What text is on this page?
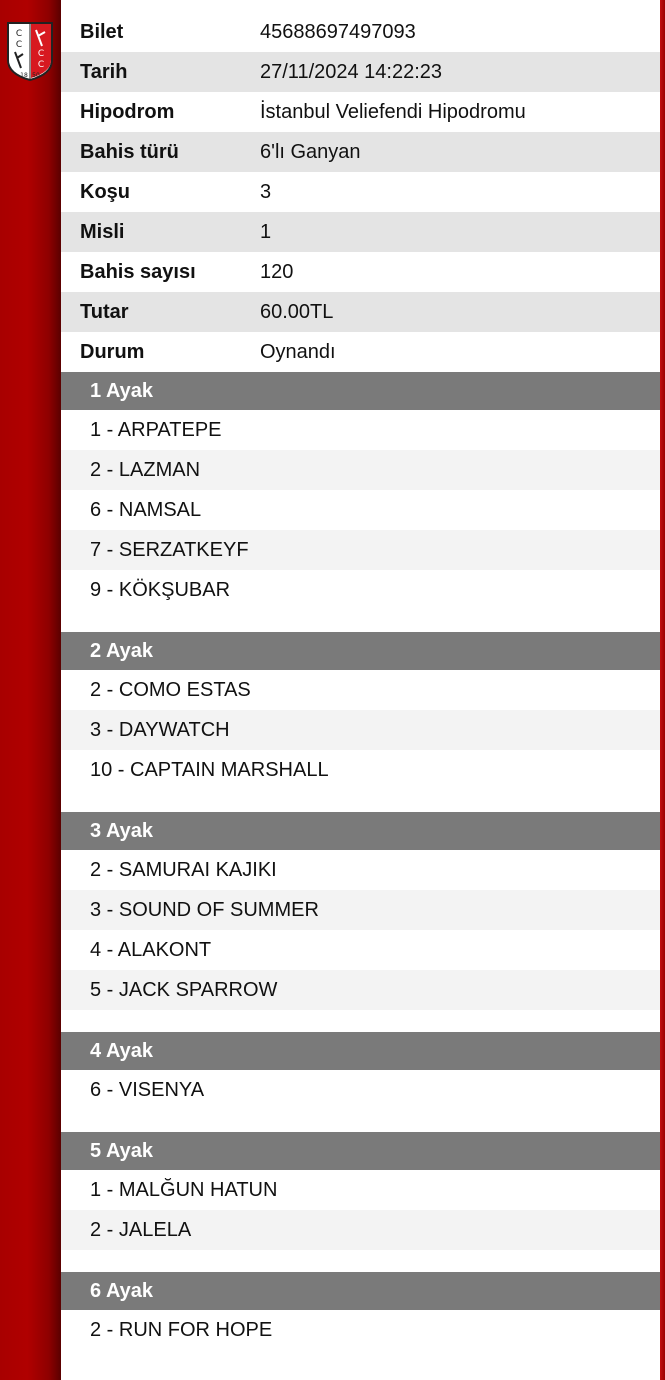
C
C
C
C
18 50
Bilet	45688697497093
Tarih	27/11/2024 14:22:23
Hipodrom	İstanbul Veliefendi Hipodromu
Bahis türü	6'lı Ganyan
Koşu	3
Misli	1
Bahis sayısı	120
Tutar	60.00TL
Durum	Oynandı
1 Ayak
1 - ARPATEPE
2 - LAZMAN
6 - NAMSAL
7 - SERZATKEYF
9 - KÖKŞUBAR
2 Ayak
2 - COMO ESTAS
3 - DAYWATCH
10 - CAPTAIN MARSHALL
3 Ayak
2 - SAMURAI KAJIKI
3 - SOUND OF SUMMER
4 - ALAKONT
5 - JACK SPARROW
4 Ayak
6 - VISENYA
5 Ayak
1 - MALĞUN HATUN
2 - JALELA
6 Ayak
2 - RUN FOR HOPE
